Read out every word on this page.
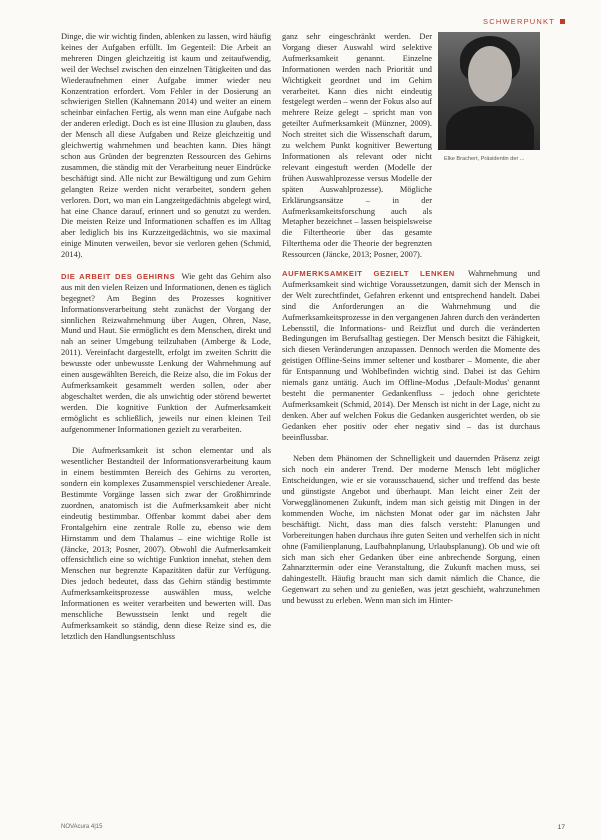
SCHWERPUNKT

Dinge, die wir wichtig finden, ablenken zu lassen, wird häufig keines der Aufgaben erfüllt. Im Gegenteil: Die Arbeit an mehreren Dingen gleichzeitig ist kaum und zeitaufwendig, weil der Wechsel zwischen den einzelnen Tätigkeiten und das Wiederaufnehmen einer Aufgabe immer wieder neu Konzentration erfordert. Vom Fehler in der Dosierung an schwierigen Stellen (Kahnemann 2014) und weiter an einem scheinbar einfachen Fertig, als wenn man eine Aufgabe nach der anderen erledigt. Doch es ist eine Illusion zu glauben, dass der Mensch all diese Aufgaben und Reize gleichzeitig und gleichwertig wahrnehmen und beachten kann. Dies hängt schon aus Gründen der begrenzten Ressourcen des Gehirns zusammen, die ständig mit der Verarbeitung neuer Eindrücke beschäftigt sind. Alle nicht zur Bewältigung und zum Gehirn gelangten Reize werden nicht verarbeitet, sondern gehen verloren. Dort, wo man ein Langzeitgedächtnis abgelegt wird, hat eine Chance darauf, erinnert und so genutzt zu werden. Die meisten Reize und Informationen schaffen es im Alltag aber lediglich bis ins Kurzzeitgedächtnis, wo sie maximal einige Minuten verweilen, bevor sie verloren gehen (Schmid, 2014).

DIE ARBEIT DES GEHIRNS Wie geht das Gehirn also aus mit den vielen Reizen und Informationen, denen es täglich begegnet? Am Beginn des Prozesses kognitiver Informationsverarbeitung steht zunächst der Vorgang der sinnlichen Reizwahrnehmung über Augen, Ohren, Nase, Mund und Haut. Sie ermöglicht es dem Menschen, direkt und nah an seiner Umgebung teilzuhaben (Amberge & Lode, 2011). Vereinfacht dargestellt, erfolgt im zweiten Schritt die bewusste oder unbewusste Lenkung der Wahrnehmung auf einen ausgewählten Bereich, die Reize also, die im Fokus der Aufmerksamkeit gesammelt werden sollen, oder aber abgeschaltet werden, die als unwichtig oder störend bewertet werden. Die kognitive Funktion der Aufmerksamkeit ermöglicht es schließlich, jeweils nur einen kleinen Teil aufgenommener Informationen gezielt zu verarbeiten.

Die Aufmerksamkeit ist schon elementar und als wesentlicher Bestandteil der Informationsverarbeitung kaum in einem bestimmten Bereich des Gehirns zu verorten, sondern ein komplexes Zusammenspiel verschiedener Areale. Bestimmte Vorgänge lassen sich zwar der Großhirnrinde zuordnen, anatomisch ist die Aufmerksamkeit aber nicht eindeutig bestimmbar. Offenbar kommt dabei aber dem Frontalgehirn eine zentrale Rolle zu, ebenso wie dem Hirnstamm und dem Thalamus – eine wichtige Rolle ist (Jäncke, 2013; Posner, 2007). Obwohl die Aufmerksamkeit offensichtlich eine so wichtige Funktion innehat, stehen dem Menschen nur begrenzte Kapazitäten dafür zur Verfügung. Dies jedoch bedeutet, dass das Gehirn ständig bestimmte Aufmerksamkeitsprozesse auswählen muss, welche Informationen es weiter verarbeiten und bewerten will. Das menschliche Bewusstsein lenkt und regelt die Aufmerksamkeit so ständig, denn diese Reize sind es, die letztlich den Handlungsentschluss

ganz sehr eingeschränkt werden. Der Vorgang dieser Auswahl wird selektive Aufmerksamkeit genannt. Einzelne Informationen werden nach Priorität und Wichtigkeit geordnet und im Gehirn verarbeitet. Kann dies nicht eindeutig festgelegt werden – wenn der Fokus also auf mehrere Reize gelegt – spricht man von geteilter Aufmerksamkeit (Münzner, 2009). Noch streitet sich die Wissenschaft darum, zu welchem Punkt kognitiver Bewertung Informationen als relevant oder nicht relevant eingestuft werden (Modelle der frühen Auswahlprozesse versus Modelle der späten Auswahlprozesse). Mögliche Erklärungsansätze – in der Aufmerksamkeitsforschung auch als Metapher bezeichnet – lassen beispielsweise die Filtertheorie über das gesamte Filterthema oder die Theorie der begrenzten Ressourcen (Jäncke, 2013; Posner, 2007).

Elke Brachert, Präsidentin der ...

AUFMERKSAMKEIT GEZIELT LENKEN Wahrnehmung und Aufmerksamkeit sind wichtige Voraussetzungen, damit sich der Mensch in der Welt zurechtfindet, Gefahren erkennt und entsprechend handelt. Dabei sind die Anforderungen an die Wahrnehmung und die Aufmerksamkeitsprozesse in den vergangenen Jahren durch den veränderten Lebensstil, die Informations- und Reizflut und durch die veränderten Bedingungen im Berufsalltag gestiegen. Der Mensch besitzt die Fähigkeit, sich diesen Veränderungen anzupassen. Dennoch werden die Momente des geistigen Offline-Seins immer seltener und kostbarer – Momente, die aber für Entspannung und Wohlbefinden wichtig sind. Dabei ist das Gehirn niemals ganz untätig. Auch im Offline-Modus ‚Default-Modus' genannt besteht die permanenter Gedankenfluss – jedoch ohne gerichtete Aufmerksamkeit (Schmid, 2014). Der Mensch ist nicht in der Lage, nicht zu denken. Aber auf welchen Fokus die Gedanken ausgerichtet werden, ob sie Gedanken eher positiv oder eher negativ sind – das ist durchaus beeinflussbar.

Neben dem Phänomen der Schnelligkeit und dauernden Präsenz zeigt sich noch ein anderer Trend. Der moderne Mensch lebt möglicher Entscheidungen, wie er sie vorausschauend, sicher und treffend das beste und günstigste Angebot und überhaupt. Man leicht einer Zeit der Vorwegglänomenen Zukunft, indem man sich geistig mit Dingen in der kommenden Woche, im nächsten Monat oder gar im nächsten Jahr beschäftigt. Nicht, dass man dies falsch versteht: Planungen und Vorbereitungen haben durchaus ihre guten Seiten und verhelfen sich in nicht ohne (Familienplanung, Laufbahnplanung, Urlaubsplanung). Ob und wie oft sich man sich eher Gedanken über eine anbrechende Sorgung, einen Zahnarzttermin oder eine Veranstaltung, die Zukunft machen muss, sei dahingestellt. Häufig braucht man sich damit nämlich die Chance, die Gegenwart zu sehen und zu genießen, was jetzt geschieht, wahrzunehmen und bewusst zu erleben. Wenn man sich im Hinter-

NOVAcura 4|15	17
